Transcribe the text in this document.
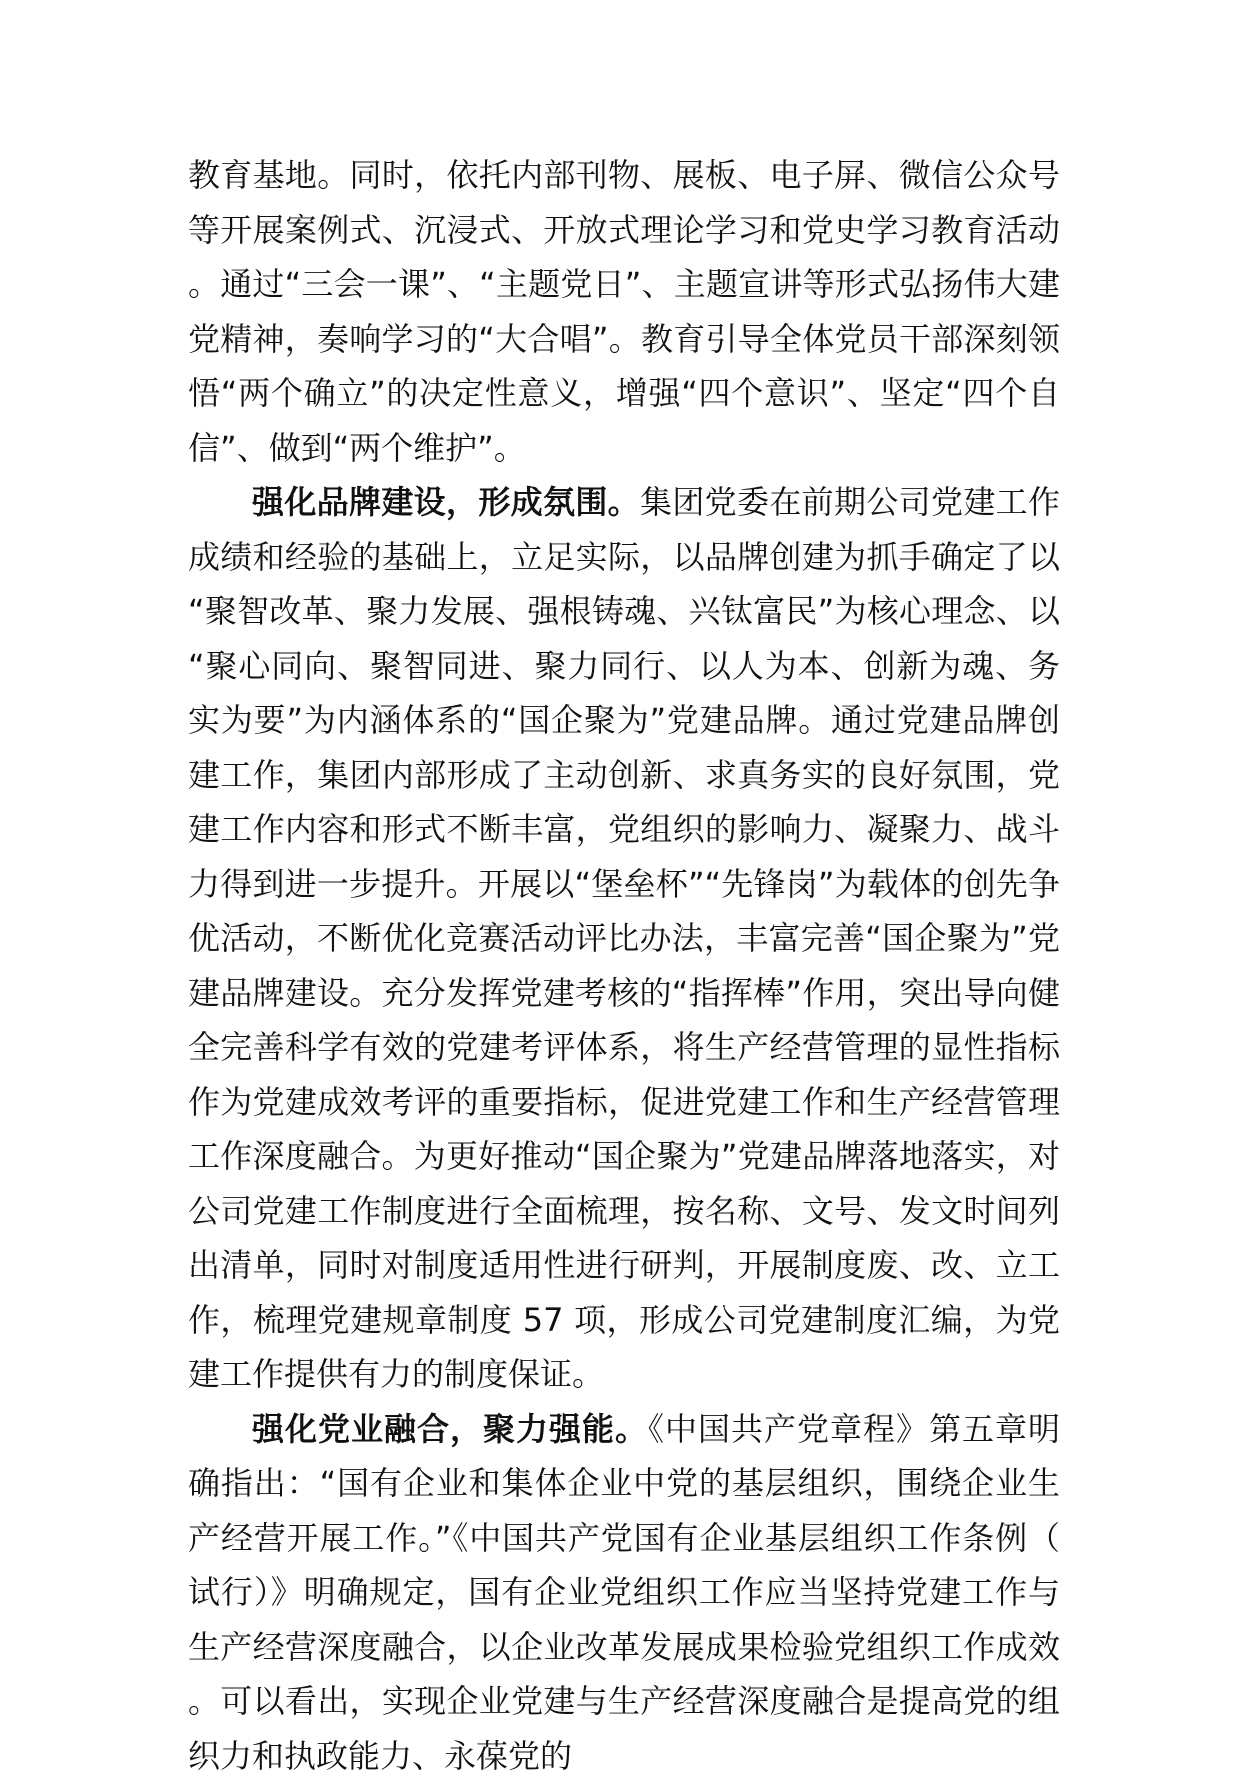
教育基地。同时，依托内部刊物、展板、电子屏、微信公众号等开展案例式、沉浸式、开放式理论学习和党史学习教育活动。通过“三会一课”、“主题党日”、主题宣讲等形式弘扬伟大建党精神，奏响学习的“大合唱”。教育引导全体党员干部深刻领悟“两个确立”的决定性意义，增强“四个意识”、坚定“四个自信”、做到“两个维护”。

强化品牌建设，形成氛围。集团党委在前期公司党建工作成绩和经验的基础上，立足实际，以品牌创建为抓手确定了以“聚智改革、聚力发展、强根铸魂、兴钛富民”为核心理念、以“聚心同向、聚智同进、聚力同行、以人为本、创新为魂、务实为要”为内涵体系的“国企聚为”党建品牌。通过党建品牌创建工作，集团内部形成了主动创新、求真务实的良好氛围，党建工作内容和形式不断丰富，党组织的影响力、凝聚力、战斗力得到进一步提升。开展以“堡垒杯”“先锋岗”为载体的创先争优活动，不断优化竞赛活动评比办法，丰富完善“国企聚为”党建品牌建设。充分发挥党建考核的“指挥棒”作用，突出导向健全完善科学有效的党建考评体系，将生产经营管理的显性指标作为党建成效考评的重要指标，促进党建工作和生产经营管理工作深度融合。为更好推动“国企聚为”党建品牌落地落实，对公司党建工作制度进行全面梳理，按名称、文号、发文时间列出清单，同时对制度适用性进行研判，开展制度废、改、立工作，梳理党建规章制度 57 项，形成公司党建制度汇编，为党建工作提供有力的制度保证。

强化党业融合，聚力强能。《中国共产党章程》第五章明确指出：“国有企业和集体企业中党的基层组织，围绕企业生产经营开展工作。”《中国共产党国有企业基层组织工作条例（试行）》明确规定，国有企业党组织工作应当坚持党建工作与生产经营深度融合，以企业改革发展成果检验党组织工作成效。可以看出，实现企业党建与生产经营深度融合是提高党的组织力和执政能力、永葆党的
